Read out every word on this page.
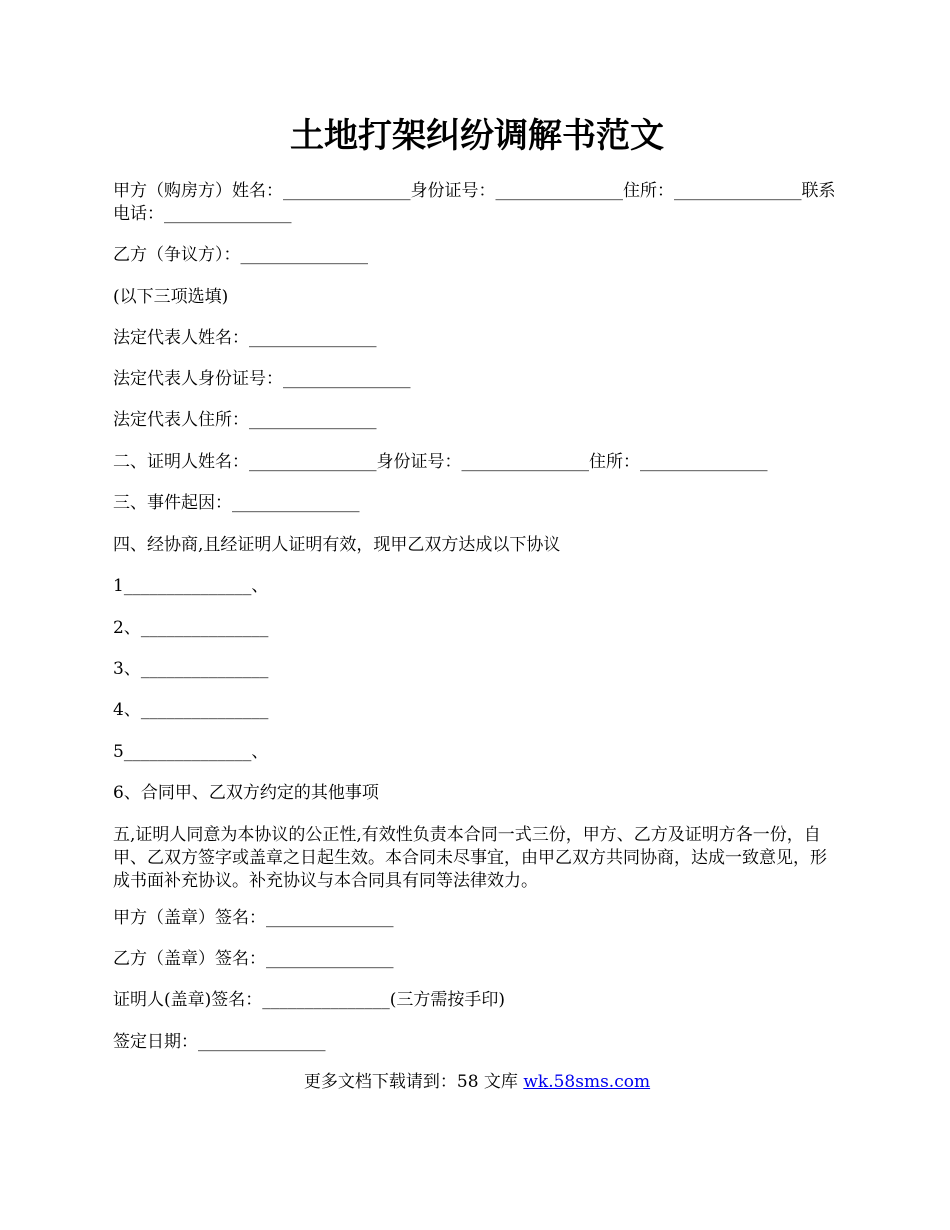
土地打架纠纷调解书范文

甲方（购房方）姓名：_______________身份证号：_______________住所：_______________联系电话：_______________

乙方（争议方）：_______________

(以下三项选填)

法定代表人姓名：_______________

法定代表人身份证号：_______________

法定代表人住所：_______________

二、证明人姓名：_______________身份证号：_______________住所：_______________

三、事件起因：_______________

四、经协商,且经证明人证明有效，现甲乙双方达成以下协议

1_______________、

2、_______________

3、_______________

4、_______________

5_______________、

6、合同甲、乙双方约定的其他事项

五,证明人同意为本协议的公正性,有效性负责本合同一式三份，甲方、乙方及证明方各一份，自甲、乙双方签字或盖章之日起生效。本合同未尽事宜，由甲乙双方共同协商，达成一致意见，形成书面补充协议。补充协议与本合同具有同等法律效力。

甲方（盖章）签名：_______________

乙方（盖章）签名：_______________

证明人(盖章)签名：_______________(三方需按手印)

签定日期：_______________

更多文档下载请到：58 文库 wk.58sms.com
